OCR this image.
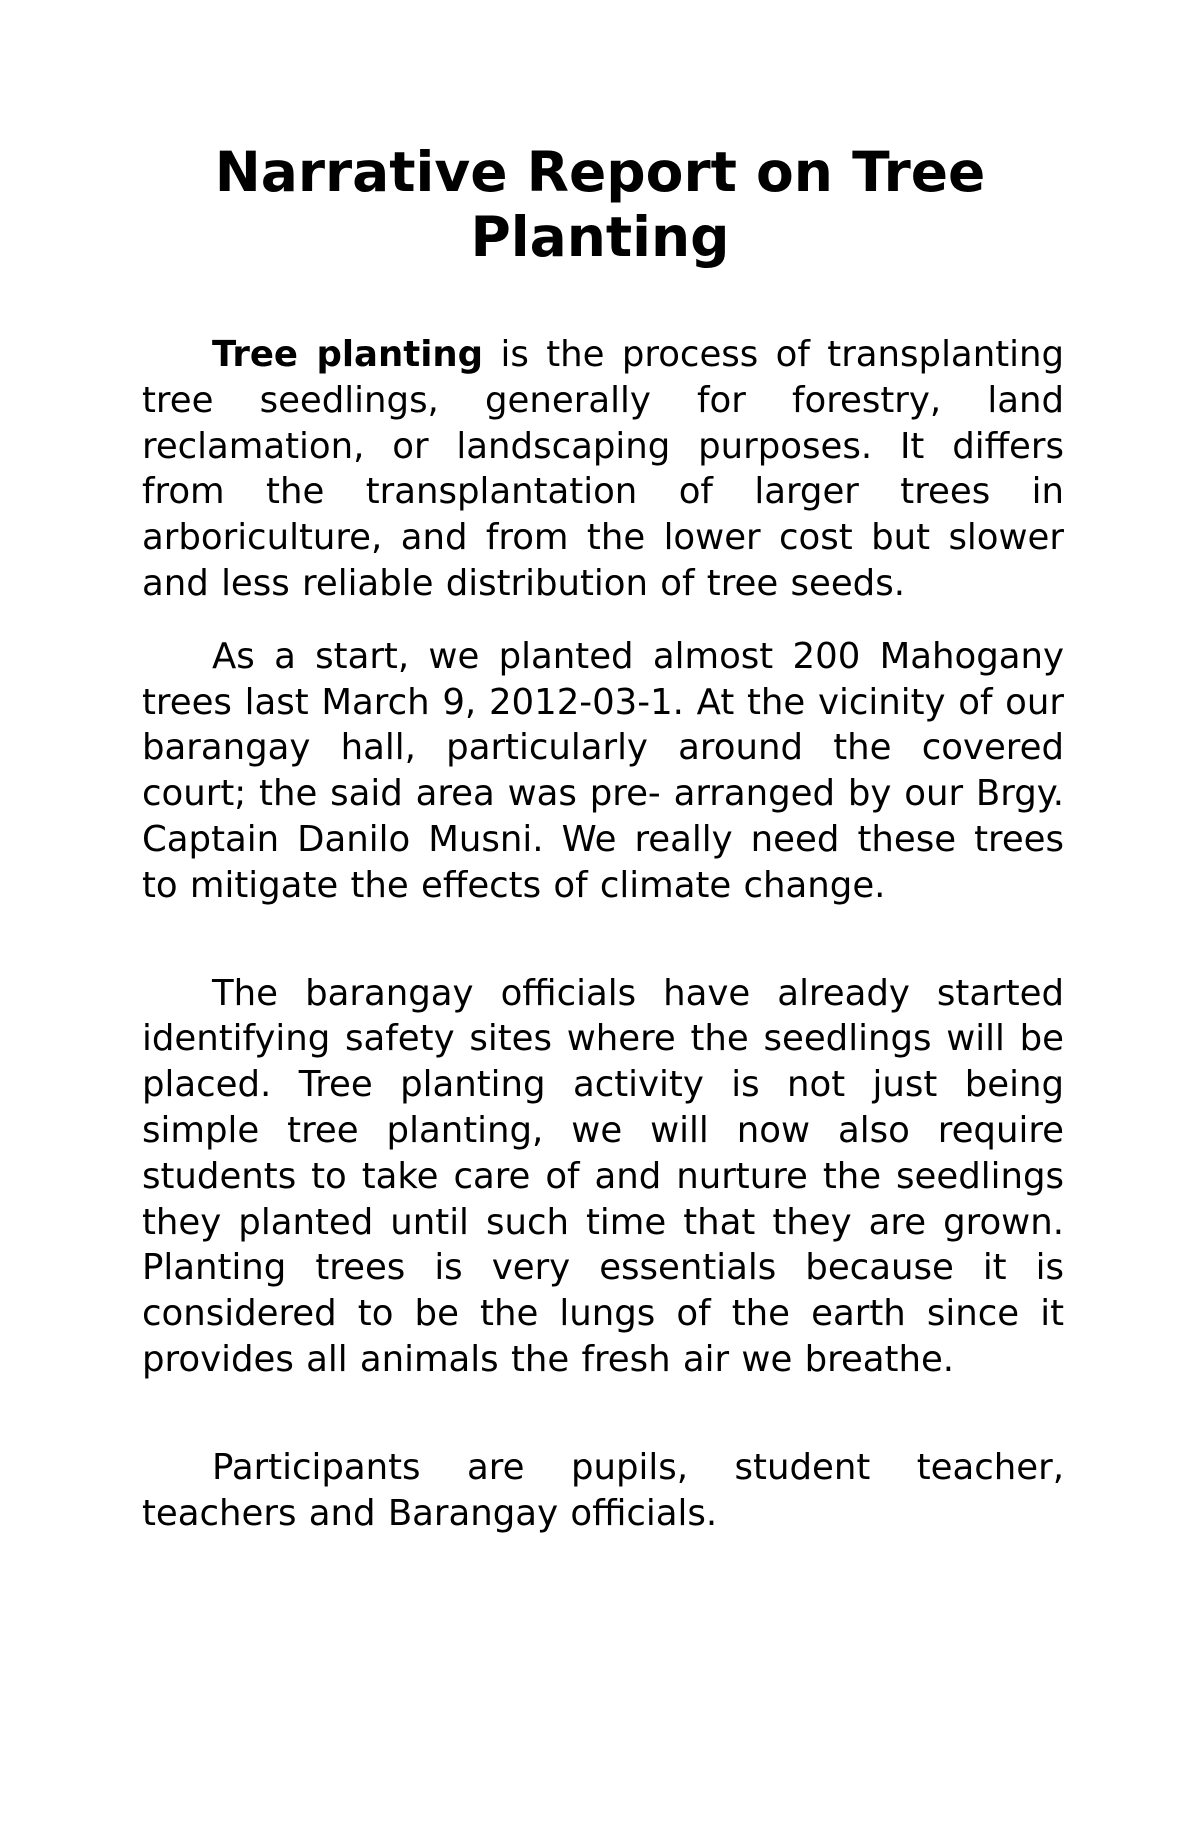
Narrative Report on Tree Planting

Tree planting is the process of transplanting tree seedlings, generally for forestry, land reclamation, or landscaping purposes. It differs from the transplantation of larger trees in arboriculture, and from the lower cost but slower and less reliable distribution of tree seeds.

As a start, we planted almost 200 Mahogany trees last March 9, 2012-03-1. At the vicinity of our barangay hall, particularly around the covered court; the said area was pre- arranged by our Brgy. Captain Danilo Musni. We really need these trees to mitigate the effects of climate change.

The barangay officials have already started identifying safety sites where the seedlings will be placed. Tree planting activity is not just being simple tree planting, we will now also require students to take care of and nurture the seedlings they planted until such time that they are grown. Planting trees is very essentials because it is considered to be the lungs of the earth since it provides all animals the fresh air we breathe.

Participants are pupils, student teacher, teachers and Barangay officials.
